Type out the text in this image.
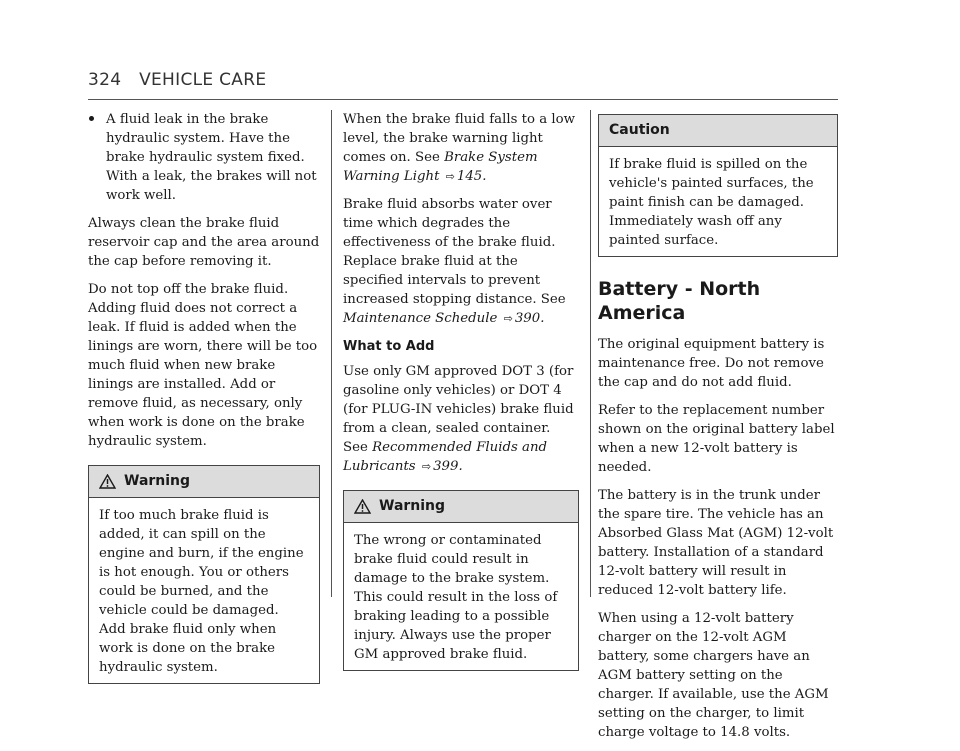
324 VEHICLE CARE

A fluid leak in the brake hydraulic system. Have the brake hydraulic system fixed. With a leak, the brakes will not work well.

Always clean the brake fluid reservoir cap and the area around the cap before removing it.

Do not top off the brake fluid. Adding fluid does not correct a leak. If fluid is added when the linings are worn, there will be too much fluid when new brake linings are installed. Add or remove fluid, as necessary, only when work is done on the brake hydraulic system.

Warning

If too much brake fluid is added, it can spill on the engine and burn, if the engine is hot enough. You or others could be burned, and the vehicle could be damaged. Add brake fluid only when work is done on the brake hydraulic system.

When the brake fluid falls to a low level, the brake warning light comes on. See Brake System Warning Light ⇨ 145.

Brake fluid absorbs water over time which degrades the effectiveness of the brake fluid. Replace brake fluid at the specified intervals to prevent increased stopping distance. See Maintenance Schedule ⇨ 390.

What to Add

Use only GM approved DOT 3 (for gasoline only vehicles) or DOT 4 (for PLUG-IN vehicles) brake fluid from a clean, sealed container. See Recommended Fluids and Lubricants ⇨ 399.

Warning

The wrong or contaminated brake fluid could result in damage to the brake system. This could result in the loss of braking leading to a possible injury. Always use the proper GM approved brake fluid.

Caution

If brake fluid is spilled on the vehicle's painted surfaces, the paint finish can be damaged. Immediately wash off any painted surface.

Battery - North America

The original equipment battery is maintenance free. Do not remove the cap and do not add fluid.

Refer to the replacement number shown on the original battery label when a new 12-volt battery is needed.

The battery is in the trunk under the spare tire. The vehicle has an Absorbed Glass Mat (AGM) 12-volt battery. Installation of a standard 12-volt battery will result in reduced 12-volt battery life.

When using a 12-volt battery charger on the 12-volt AGM battery, some chargers have an AGM battery setting on the charger. If available, use the AGM setting on the charger, to limit charge voltage to 14.8 volts.
